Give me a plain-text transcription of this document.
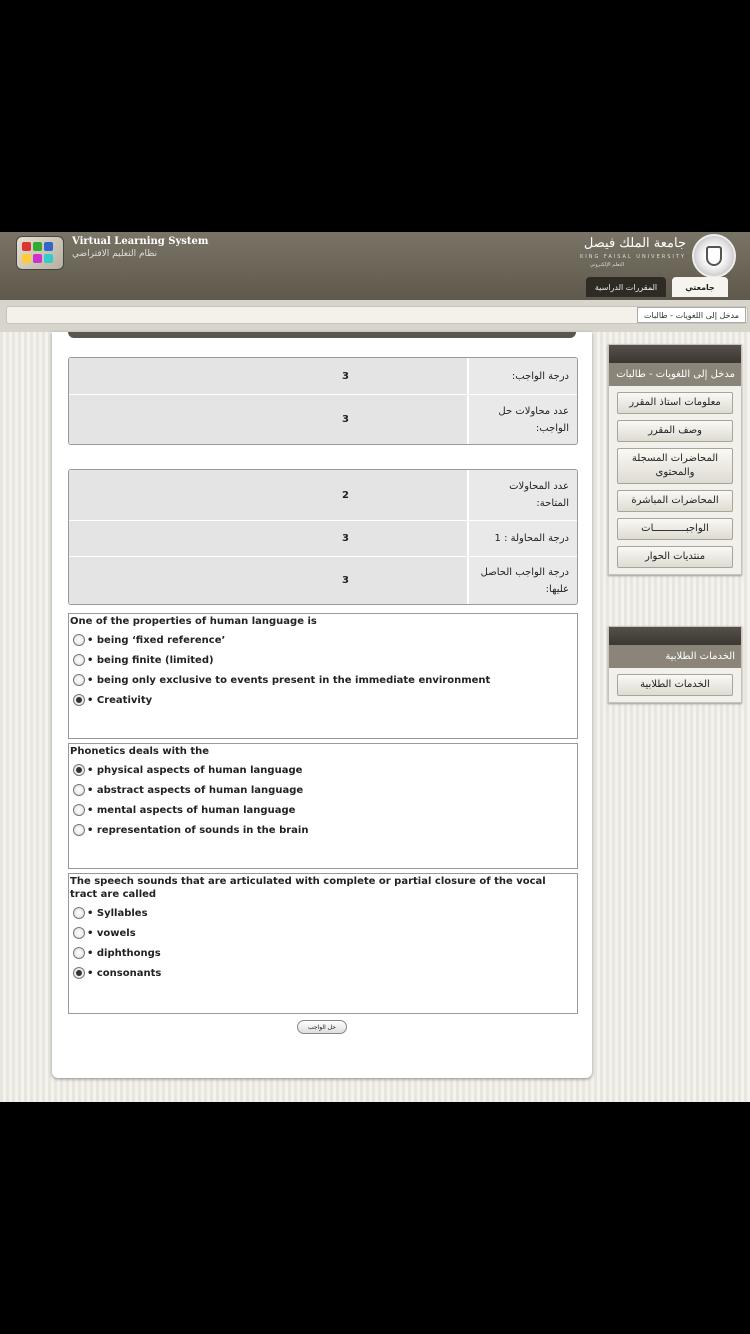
Virtual Learning System
نظام التعليم الافتراضي
جامعة الملك فيصل
KING FAISAL UNIVERSITY
التعلم الإلكتروني
جامعتي
المقررات الدراسية
مدخل إلى اللغويات - طالبات
مدخل إلى اللغويات - طالبات
معلومات استاذ المقرر
وصف المقرر
المحاضرات المسجلة والمحتوى
المحاضرات المباشرة
الواجبـــــــــــات
منتديات الحوار
الخدمات الطلابية
الخدمات الطلابية
3	درجة الواجب:
3
عدد محاولات حل الواجب:
2
عدد المحاولات المتاحة:
3	درجة المحاولة : 1
3
درجة الواجب الحاصل عليها:
One of the properties of human language is
• being ‘fixed reference’
• being finite (limited)
• being only exclusive to events present in the immediate environment
• Creativity
Phonetics deals with the
• physical aspects of human language
• abstract aspects of human language
• mental aspects of human language
• representation of sounds in the brain
The speech sounds that are articulated with complete or partial closure of the vocal tract are called
• Syllables
• vowels
• diphthongs
• consonants
حل الواجب
